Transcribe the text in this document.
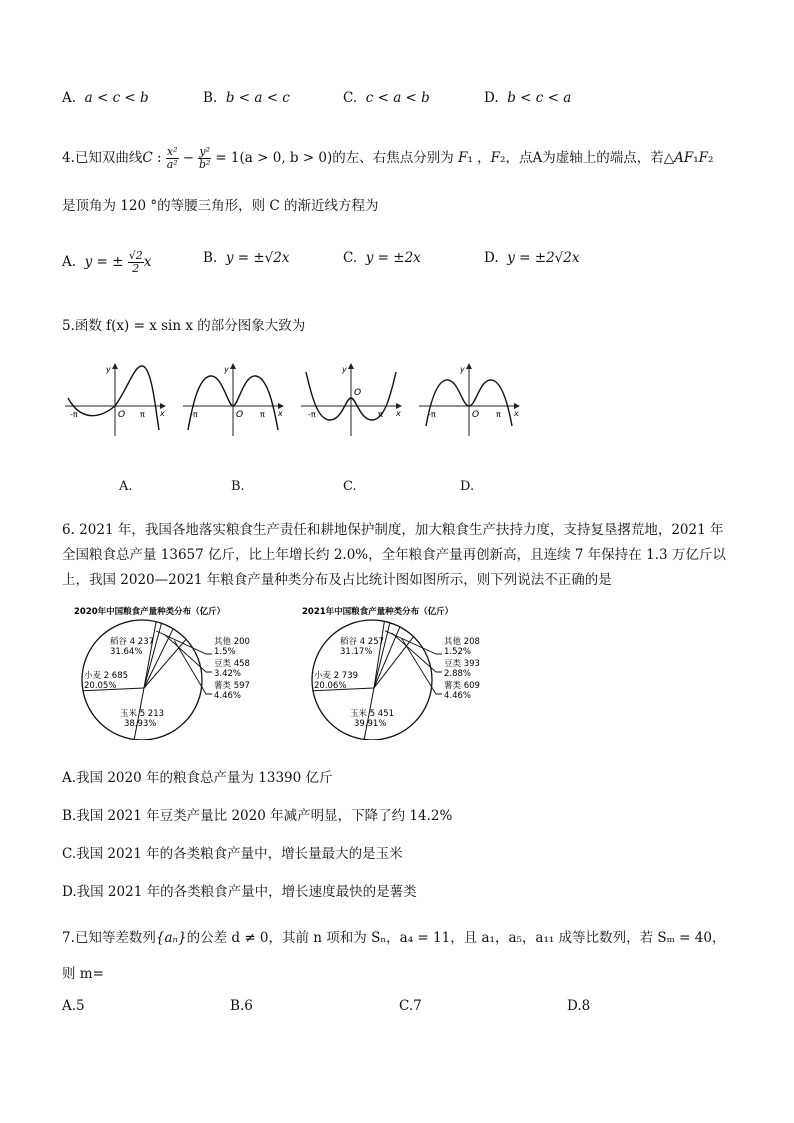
A. a < c < b	B. b < a < c	C. c < a < b	D. b < c < a
4.已知双曲线C : $\frac{\text{x²}}{\text{a²}} - \frac{\text{y²}}{\text{b²}} = 1(a > 0$, b > 0)的左、右焦点分别为 F₁ ，F₂，点A为虚轴上的端点，若△AF₁F₂
是顶角为 120 °的等腰三角形，则 C 的渐近线方程为
A. y = ± $\frac{√2}{2}$ x	B. y = ±√2x	C. y = ±2x	D. y = ±2√2x
5.函数 f(x) = x sin x 的部分图象大致为
-π	O π x
y
-π	O π x
y
-π
O
π x
y
-π	O π x
y
A.	B.	C.	D.
6. 2021 年，我国各地落实粮食生产责任和耕地保护制度，加大粮食生产扶持力度，支持复垦撂荒地，2021 年
全国粮食总产量 13657 亿斤，比上年增长约 2.0%，全年粮食产量再创新高，且连续 7 年保持在 1.3 万亿斤以
上，我国 2020—2021 年粮食产量种类分布及占比统计图如图所示，则下列说法不正确的是
2020年中国粮食产量种类分布（亿斤）
稻谷 4 237
31.64%
小麦 2 685
20.05%
玉米 5 213
38.93%
薯类 597
4.46%
豆类 458
3.42%
其他 200
1.5%
2021年中国粮食产量种类分布（亿斤）
稻谷 4 257
31.17%
小麦 2 739
20.06%
玉米 5 451
39.91%
薯类 609
4.46%
豆类 393
2.88%
其他 208
1.52%
A.我国 2020 年的粮食总产量为 13390 亿斤
B.我国 2021 年豆类产量比 2020 年减产明显，下降了约 14.2%
C.我国 2021 年的各类粮食产量中，增长量最大的是玉米
D.我国 2021 年的各类粮食产量中，增长速度最快的是薯类
7.已知等差数列{aₙ}的公差 d ≠ 0，其前 n 项和为 Sₙ，a₄ = 11，且 a₁，a₅，a₁₁ 成等比数列，若 Sₘ = 40，
则 m=
A.5	B.6	C.7	D.8
